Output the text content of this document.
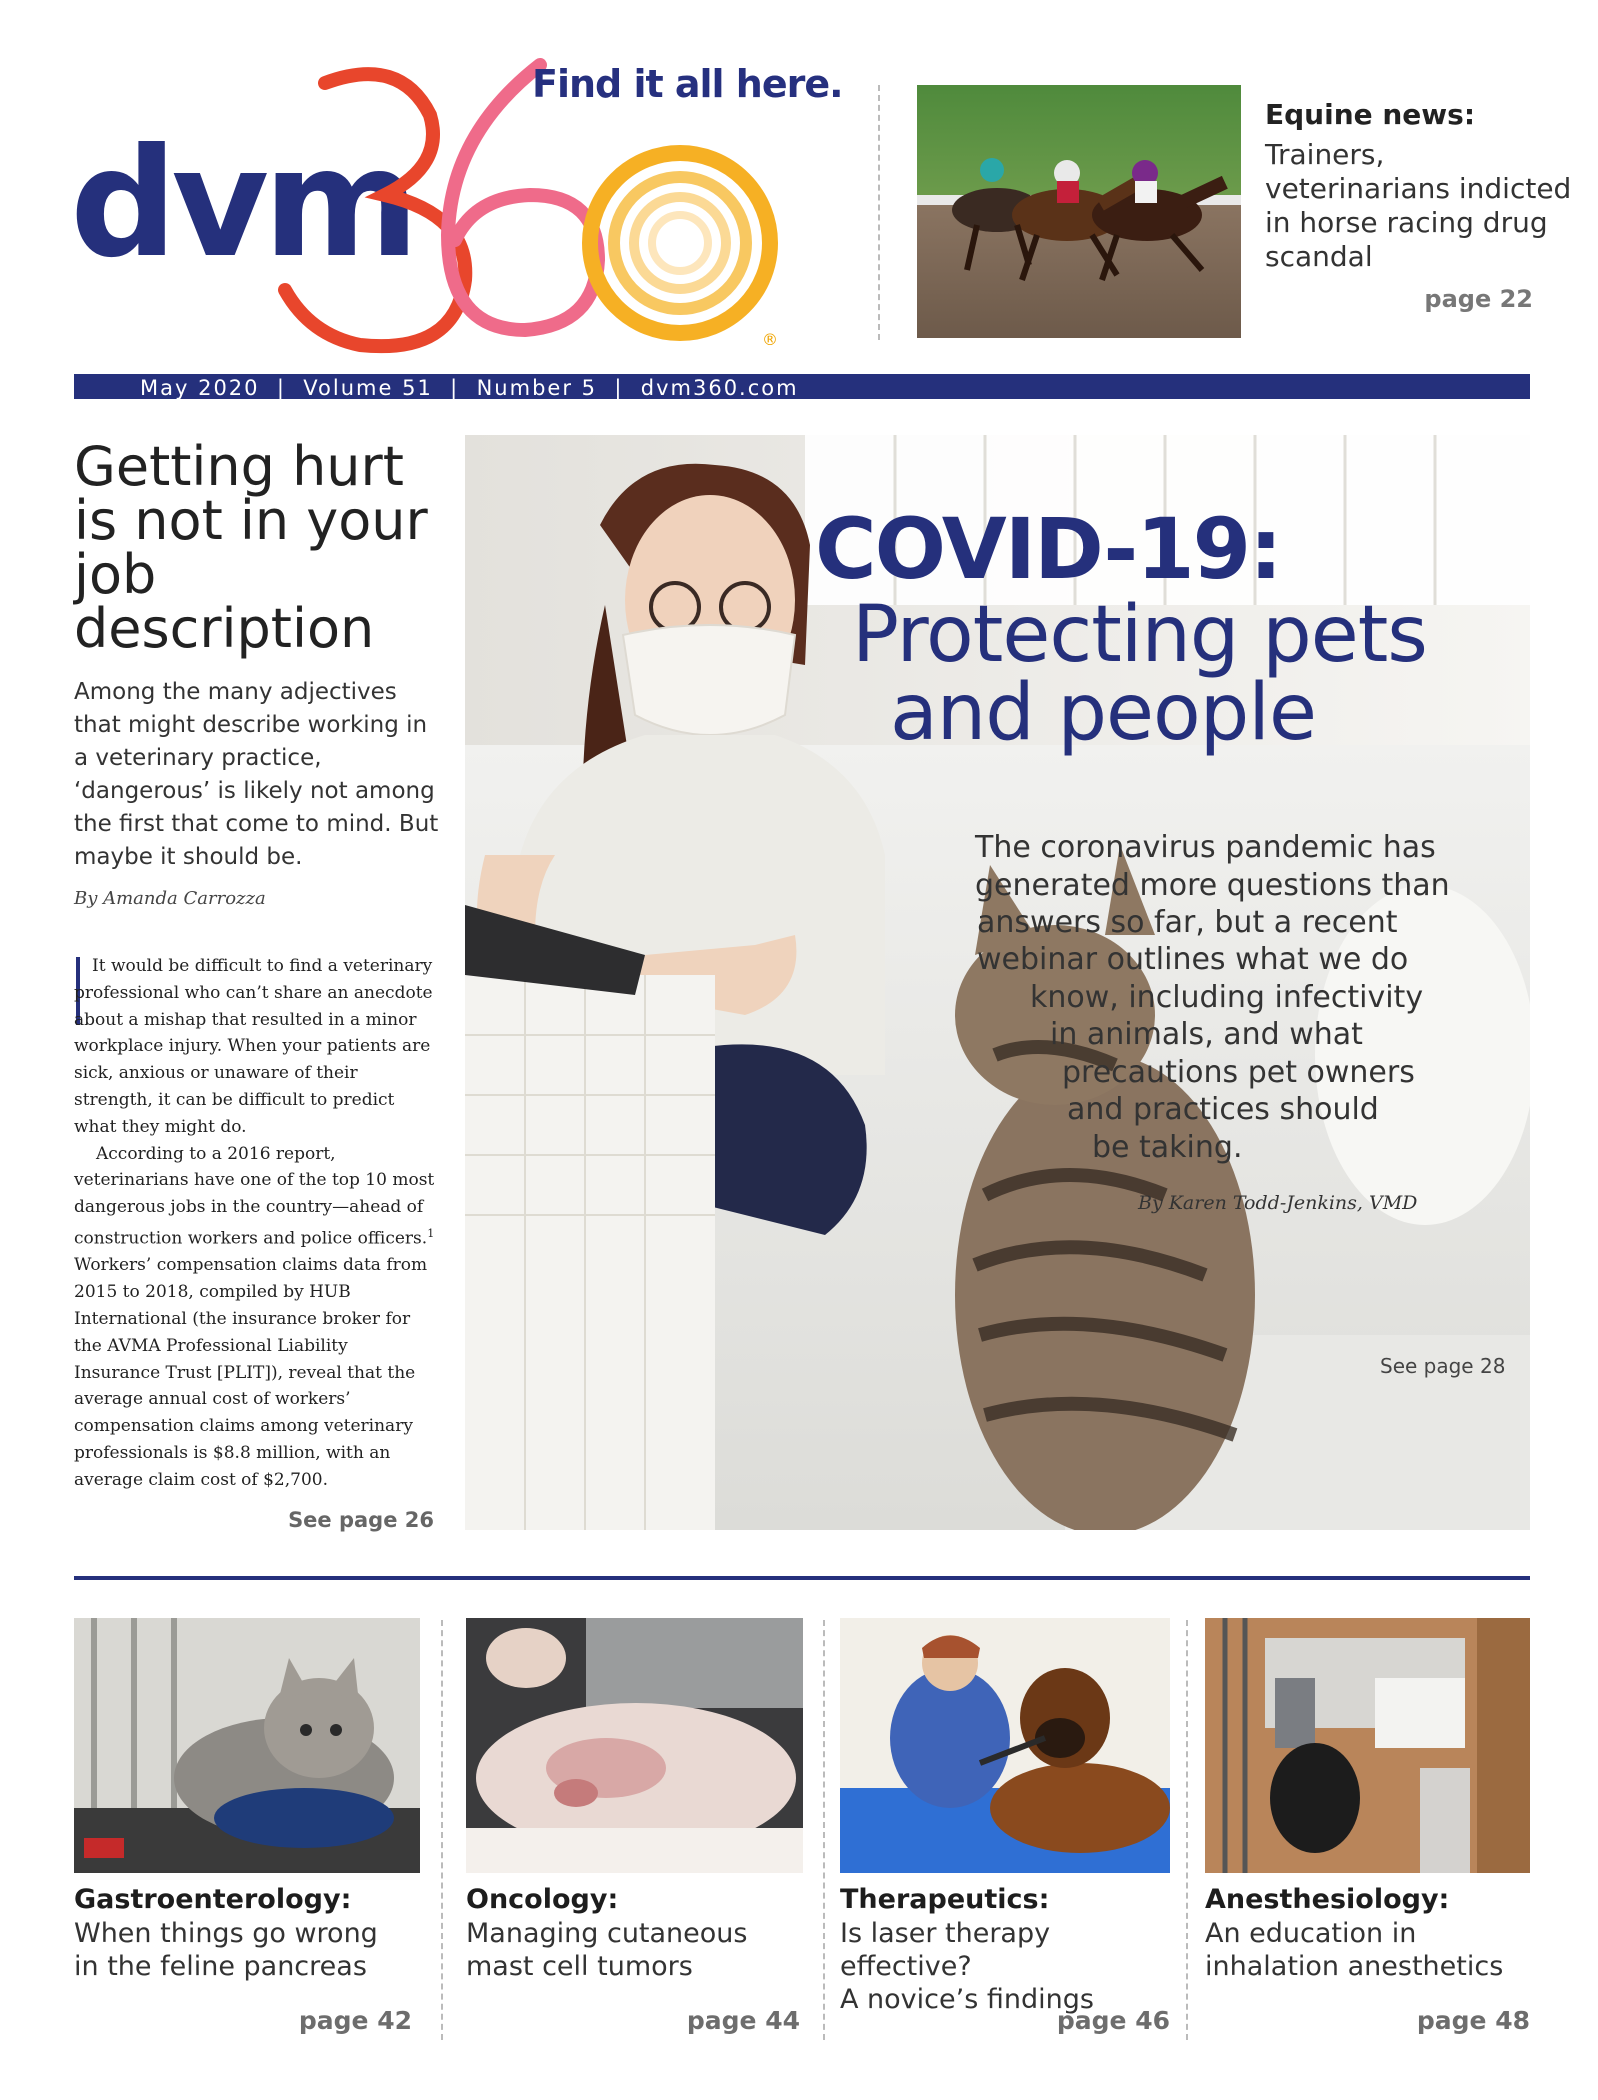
dvm
Find it all here.
®
Equine news:
Trainers, veterinarians indicted in horse racing drug scandal
page 22
May 2020  |  Volume 51  |  Number 5  |  dvm360.com
Getting hurt is not in your job description
Among the many adjectives that might describe working in a veterinary practice, ‘dangerous’ is likely not among the first that come to mind. But maybe it should be.
By Amanda Carrozza

It would be difficult to find a veterinary professional who can’t share an anecdote about a mishap that resulted in a minor workplace injury. When your patients are sick, anxious or unaware of their strength, it can be difficult to predict what they might do.

According to a 2016 report, veterinarians have one of the top 10 most dangerous jobs in the country—ahead of construction workers and police officers.$^1$ Workers’ compensation claims data from 2015 to 2018, compiled by HUB International (the insurance broker for the AVMA Professional Liability Insurance Trust [PLIT]), reveal that the average annual cost of workers’ compensation claims among veterinary professionals is $8.8 million, with an average claim cost of $2,700.

See page 26
COVID-19:
Protecting pets
and people
The coronavirus pandemic has
generated more questions than
answers so far, but a recent
webinar outlines what we do
know, including infectivity
in animals, and what
precautions pet owners
and practices should
be taking.
By Karen Todd-Jenkins, VMD
See page 28
Gastroenterology:
When things go wrong
in the feline pancreas
page 42
Oncology:
Managing cutaneous
mast cell tumors
page 44
Therapeutics:
Is laser therapy effective?
A novice’s findings
page 46
Anesthesiology:
An education in
inhalation anesthetics
page 48
